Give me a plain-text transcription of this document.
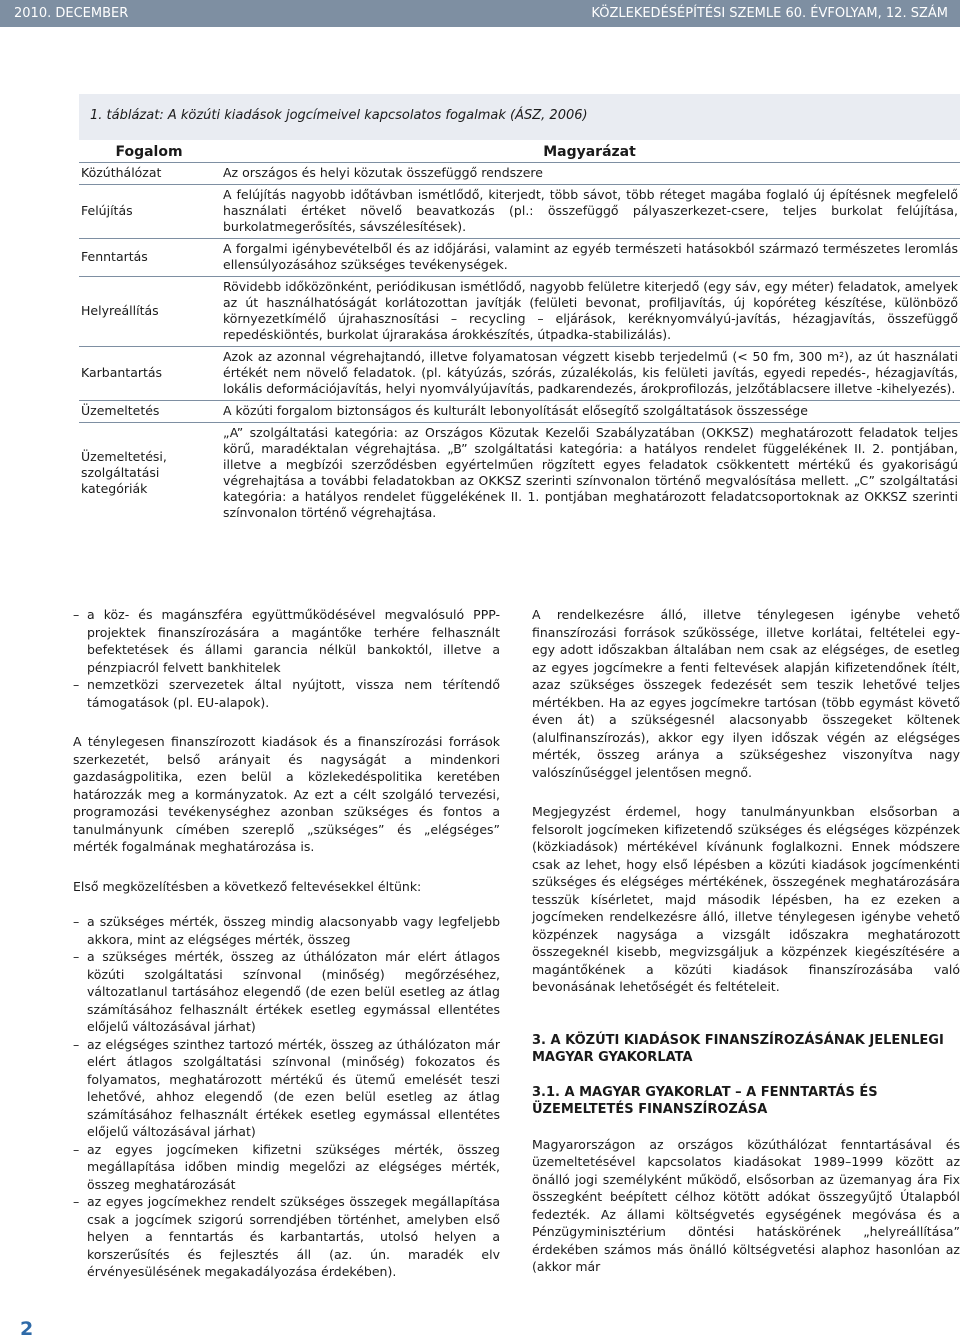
2010. DECEMBER	KÖZLEKEDÉSÉPÍTÉSI SZEMLE 60. ÉVFOLYAM, 12. SZÁM
1. táblázat: A közúti kiadások jogcímeivel kapcsolatos fogalmak (ÁSZ, 2006)
Fogalom	Magyarázat
Közúthálózat	Az országos és helyi közutak összefüggő rendszere
Felújítás	A felújítás nagyobb időtávban ismétlődő, kiterjedt, több sávot, több réteget magába foglaló új építésnek megfelelő használati értéket növelő beavatkozás (pl.: összefüggő pályaszerkezet-csere, teljes burkolat felújítása, burkolatmegerősítés, sávszélesítések).
Fenntartás	A forgalmi igénybevételből és az időjárási, valamint az egyéb természeti hatásokból származó természetes leromlás ellensúlyozásához szükséges tevékenységek.
Helyreállítás	Rövidebb időközönként, periódikusan ismétlődő, nagyobb felületre kiterjedő (egy sáv, egy méter) feladatok, amelyek az út használhatóságát korlátozottan javítják (felületi bevonat, profiljavítás, új kopóréteg készítése, különböző környezetkímélő újrahasznosítási – recycling – eljárások, keréknyomvályú-javítás, hézagjavítás, összefüggő repedéskiöntés, burkolat újrarakása árokkészítés, útpadka-stabilizálás).
Karbantartás	Azok az azonnal végrehajtandó, illetve folyamatosan végzett kisebb terjedelmű (< 50 fm, 300 m²), az út használati értékét nem növelő feladatok. (pl. kátyúzás, szórás, zúzalékolás, kis felületi javítás, egyedi repedés-, hézagjavítás, lokális deformációjavítás, helyi nyomvályújavítás, padkarendezés, árokprofilozás, jelzőtáblacsere illetve -kihelyezés).
Üzemeltetés	A közúti forgalom biztonságos és kulturált lebonyolítását elősegítő szolgáltatások összessége
Üzemeltetési, szolgáltatási kategóriák	„A” szolgáltatási kategória: az Országos Közutak Kezelői Szabályzatában (OKKSZ) meghatározott feladatok teljes körű, maradéktalan végrehajtása. „B” szolgáltatási kategória: a hatályos rendelet függelékének II. 2. pontjában, illetve a megbízói szerződésben egyértelműen rögzített egyes feladatok csökkentett mértékű és gyakoriságú végrehajtása a további feladatokban az OKKSZ szerinti színvonalon történő megvalósítása mellett. „C” szolgáltatási kategória: a hatályos rendelet függelékének II. 1. pontjában meghatározott feladatcsoportoknak az OKKSZ szerinti színvonalon történő végrehajtása.
– a köz- és magánszféra együttműködésével megvalósuló PPP-projektek finanszírozására a magántőke terhére felhasznált befektetések és állami garancia nélkül bankoktól, illetve a pénzpiacról felvett bankhitelek
– nemzetközi szervezetek által nyújtott, vissza nem térítendő támogatások (pl. EU-alapok).

A ténylegesen finanszírozott kiadások és a finanszírozási források szerkezetét, belső arányait és nagyságát a mindenkori gazdaságpolitika, ezen belül a közlekedéspolitika keretében határozzák meg a kormányzatok. Az ezt a célt szolgáló tervezési, programozási tevékenységhez azonban szükséges és fontos a tanulmányunk címében szereplő „szükséges” és „elégséges” mérték fogalmának meghatározása is.

Első megközelítésben a következő feltevésekkel éltünk:

– a szükséges mérték, összeg mindig alacsonyabb vagy legfeljebb akkora, mint az elégséges mérték, összeg
– a szükséges mérték, összeg az úthálózaton már elért átlagos közúti szolgáltatási színvonal (minőség) megőrzéséhez, változatlanul tartásához elegendő (de ezen belül esetleg az átlag számításához felhasznált értékek esetleg egymással ellentétes előjelű változásával járhat)
– az elégséges szinthez tartozó mérték, összeg az úthálózaton már elért átlagos szolgáltatási színvonal (minőség) fokozatos és folyamatos, meghatározott mértékű és ütemű emelését teszi lehetővé, ahhoz elegendő (de ezen belül esetleg az átlag számításához felhasznált értékek esetleg egymással ellentétes előjelű változásával járhat)
– az egyes jogcímeken kifizetni szükséges mérték, összeg megállapítása időben mindig megelőzi az elégséges mérték, összeg meghatározását
– az egyes jogcímekhez rendelt szükséges összegek megállapítása csak a jogcímek szigorú sorrendjében történhet, amelyben első helyen a fenntartás és karbantartás, utolsó helyen a korszerűsítés és fejlesztés áll (az. ún. maradék elv érvényesülésének megakadályozása érdekében).

A rendelkezésre álló, illetve ténylegesen igénybe vehető finanszírozási források szűkössége, illetve korlátai, feltételei egy-egy adott időszakban általában nem csak az elégséges, de esetleg az egyes jogcímekre a fenti feltevések alapján kifizetendőnek ítélt, azaz szükséges összegek fedezését sem teszik lehetővé teljes mértékben. Ha az egyes jogcímekre tartósan (több egymást követő éven át) a szükségesnél alacsonyabb összegeket költenek (alulfinanszírozás), akkor egy ilyen időszak végén az elégséges mérték, összeg aránya a szükségeshez viszonyítva nagy valószínűséggel jelentősen megnő.

Megjegyzést érdemel, hogy tanulmányunkban elsősorban a felsorolt jogcímeken kifizetendő szükséges és elégséges közpénzek (közkiadások) mértékével kívánunk foglalkozni. Ennek módszere csak az lehet, hogy első lépésben a közúti kiadások jogcímenkénti szükséges és elégséges mértékének, összegének meghatározására tesszük kísérletet, majd második lépésben, ha ez ezeken a jogcímeken rendelkezésre álló, illetve ténylegesen igénybe vehető közpénzek nagysága a vizsgált időszakra meghatározott összegeknél kisebb, megvizsgáljuk a közpénzek kiegészítésére a magántőkének a közúti kiadások finanszírozásába való bevonásának lehetőségét és feltételeit.

3. A KÖZÚTI KIADÁSOK FINANSZÍROZÁSÁNAK JELENLEGI MAGYAR GYAKORLATA
3.1. A MAGYAR GYAKORLAT – A FENNTARTÁS ÉS ÜZEMELTETÉS FINANSZÍROZÁSA

Magyarországon az országos közúthálózat fenntartásával és üzemeltetésével kapcsolatos kiadásokat 1989–1999 között az önálló jogi személyként működő, elsősorban az üzemanyag ára Fix összegként beépített célhoz kötött adókat összegyűjtő Útalapból fedezték. Az állami költségvetés egységének megóvása és a Pénzügyminisztérium döntési hatáskörének „helyreállítása” érdekében számos más önálló költségvetési alaphoz hasonlóan az (akkor már

2
